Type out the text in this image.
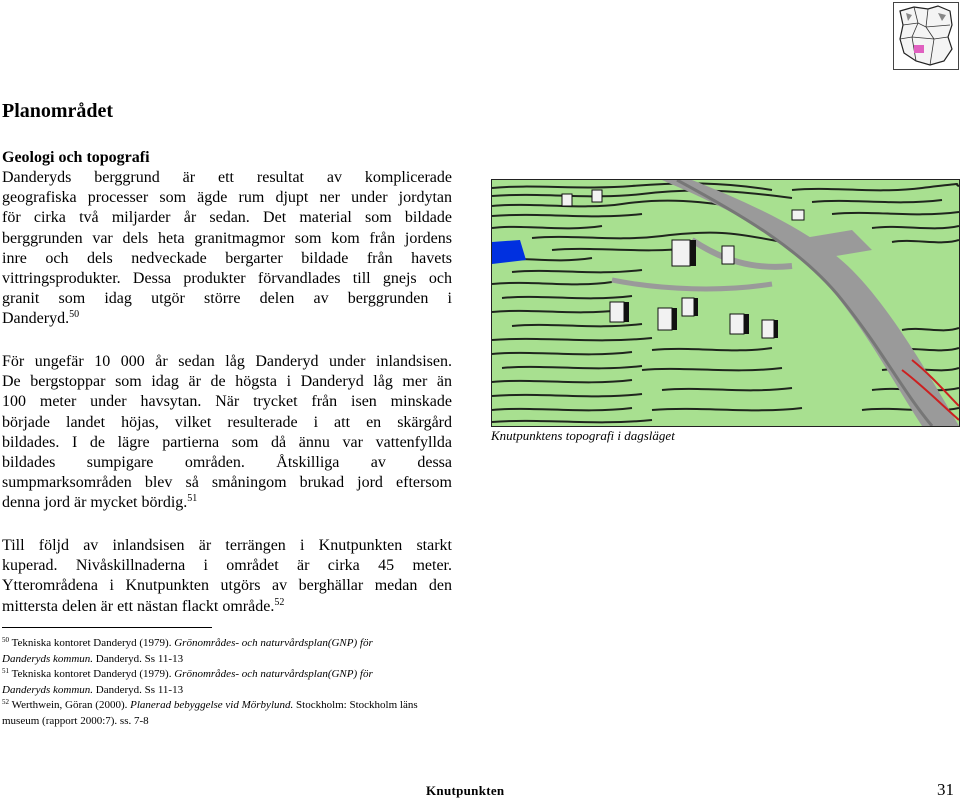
Planområdet
Geologi och topografi
Danderyds berggrund är ett resultat av komplicerade
geografiska processer som ägde rum djupt ner under jordytan
för cirka två miljarder år sedan. Det material som bildade
berggrunden var dels heta granitmagmor som kom från jordens
inre och dels nedveckade bergarter bildade från havets
vittringsprodukter. Dessa produkter förvandlades till gnejs och
granit som idag utgör större delen av berggrunden i
Danderyd.$^{50}$
För ungefär 10 000 år sedan låg Danderyd under inlandsisen.
De bergstoppar som idag är de högsta i Danderyd låg mer än
100 meter under havsytan. När trycket från isen minskade
började landet höjas, vilket resulterade i att en skärgård
bildades. I de lägre partierna som då ännu var vattenfyllda
bildades sumpigare områden. Åtskilliga av dessa
sumpmarksområden blev så småningom brukad jord eftersom
denna jord är mycket bördig.$^{51}$
Till följd av inlandsisen är terrängen i Knutpunkten starkt
kuperad. Nivåskillnaderna i området är cirka 45 meter.
Ytterområdena i Knutpunkten utgörs av berghällar medan den
mittersta delen är ett nästan flackt område.$^{52}$
Knutpunktens topografi i dagsläget
$^{50}$ Tekniska kontoret Danderyd (1979). Grönområdes- och naturvårdsplan(GNP) för
Danderyds kommun. Danderyd. Ss 11-13
$^{51}$ Tekniska kontoret Danderyd (1979). Grönområdes- och naturvårdsplan(GNP) för
Danderyds kommun. Danderyd. Ss 11-13
$^{52}$ Werthwein, Göran (2000). Planerad bebyggelse vid Mörbylund. Stockholm: Stockholm läns
museum (rapport 2000:7). ss. 7-8
Knutpunkten	31
